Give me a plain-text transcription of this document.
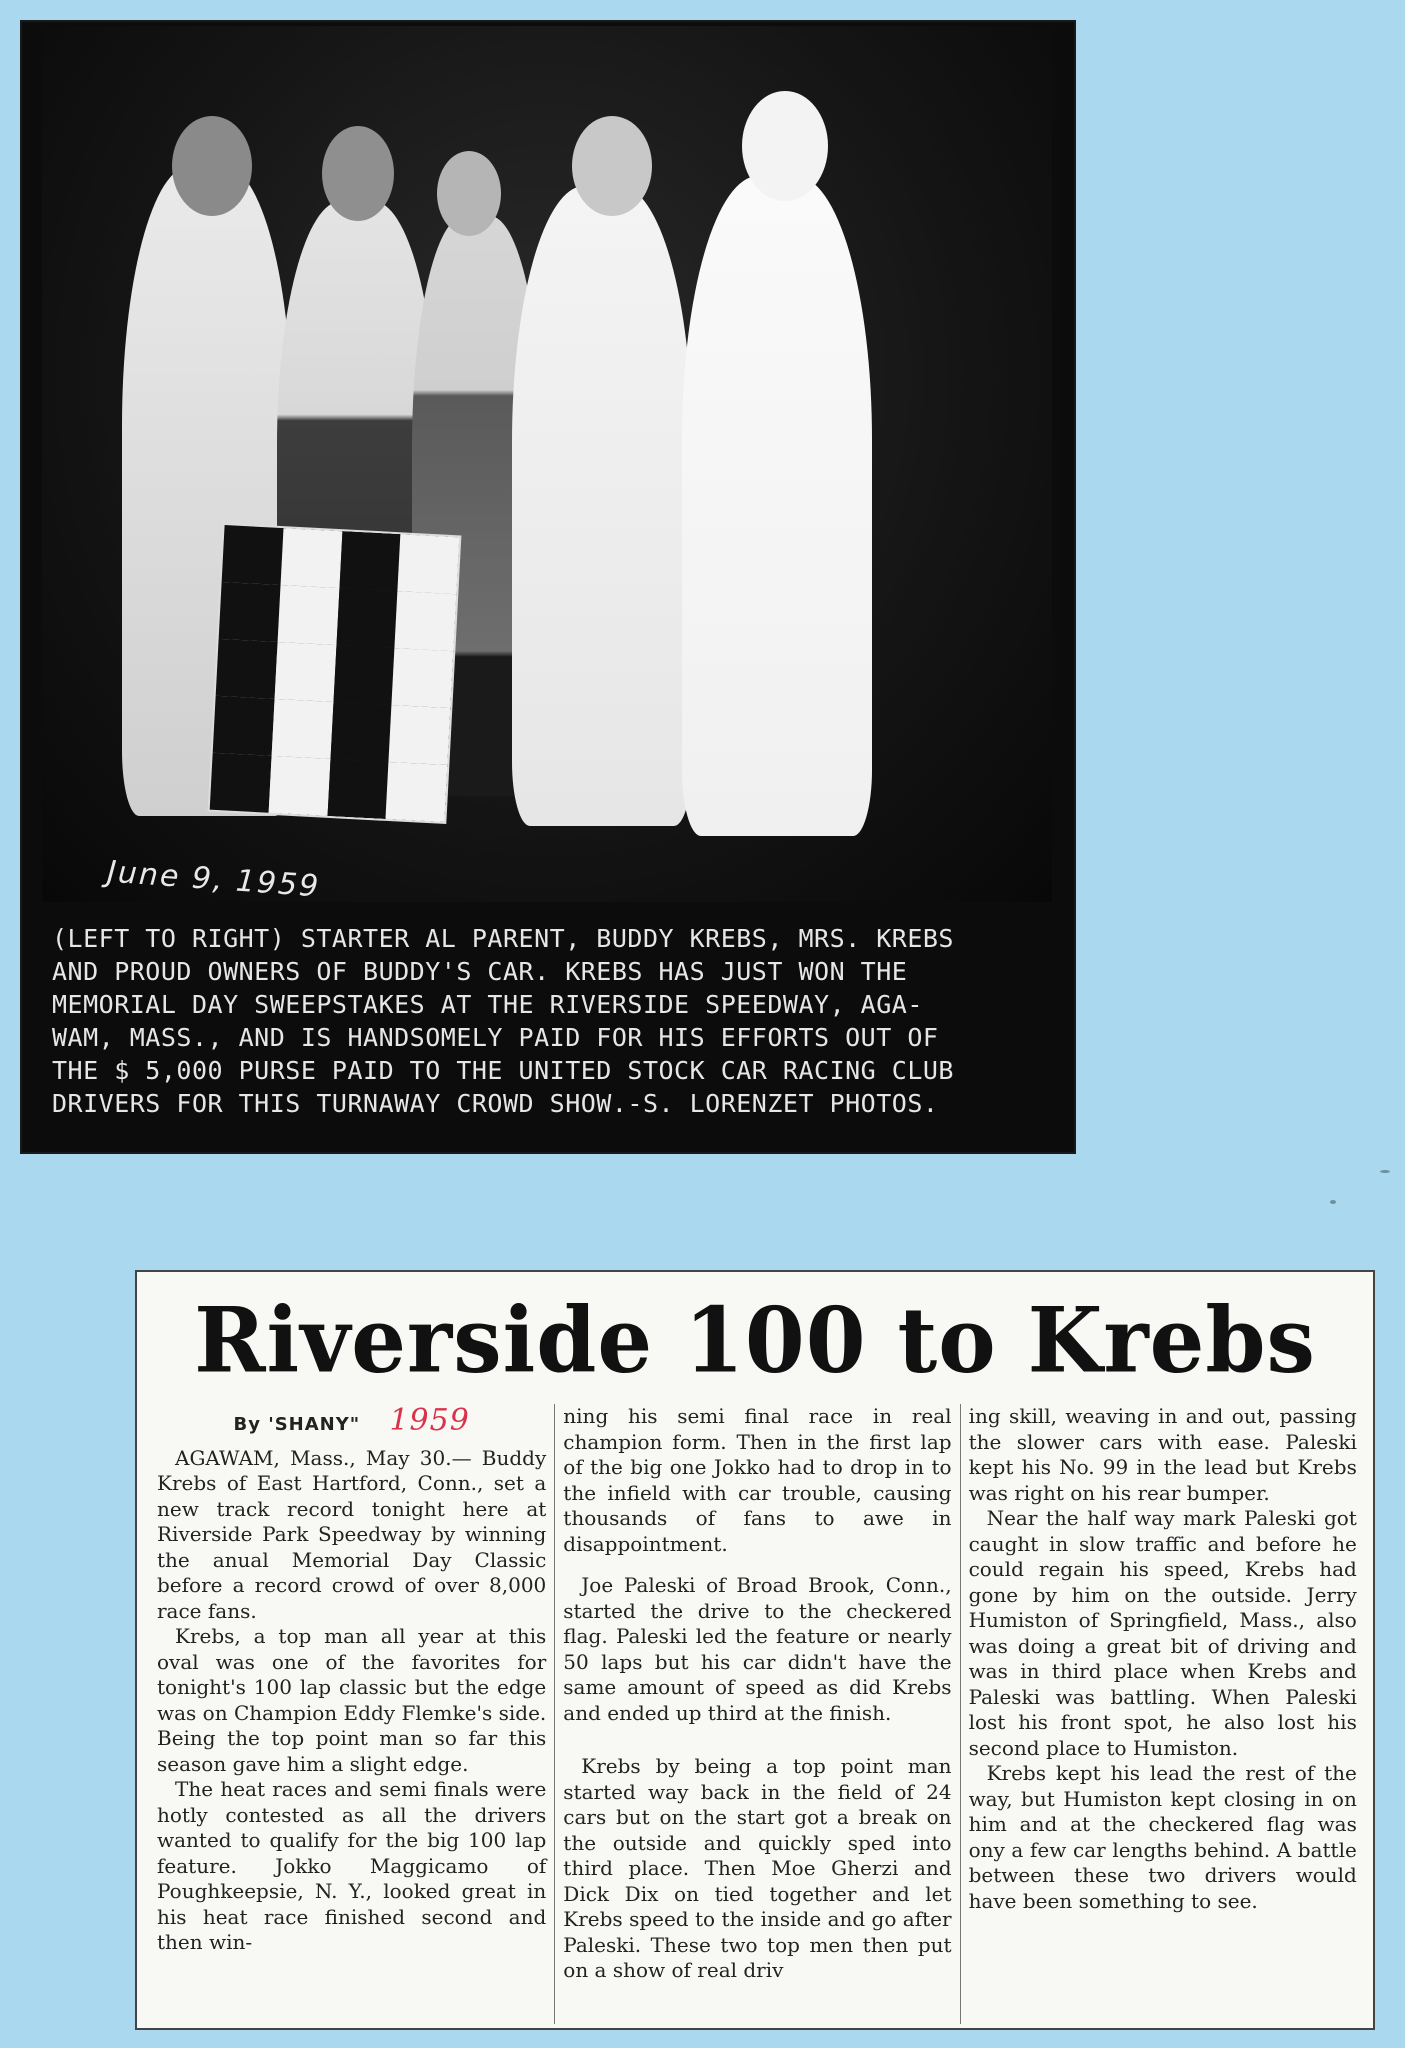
June 9, 1959
(LEFT TO RIGHT) STARTER AL PARENT, BUDDY KREBS, MRS. KREBS
AND PROUD OWNERS OF BUDDY'S CAR. KREBS HAS JUST WON THE
MEMORIAL DAY SWEEPSTAKES AT THE RIVERSIDE SPEEDWAY, AGA-
WAM, MASS., AND IS HANDSOMELY PAID FOR HIS EFFORTS OUT OF
THE $ 5,000 PURSE PAID TO THE UNITED STOCK CAR RACING CLUB
DRIVERS FOR THIS TURNAWAY CROWD SHOW.-S. LORENZET PHOTOS.
Riverside 100 to Krebs
By 'SHANY" 1959

AGAWAM, Mass., May 30.— Buddy Krebs of East Hartford, Conn., set a new track record tonight here at Riverside Park Speedway by winning the anual Memorial Day Classic before a record crowd of over 8,000 race fans.

Krebs, a top man all year at this oval was one of the favorites for tonight's 100 lap classic but the edge was on Champion Eddy Flemke's side. Being the top point man so far this season gave him a slight edge.

The heat races and semi finals were hotly contested as all the drivers wanted to qualify for the big 100 lap feature. Jokko Maggicamo of Poughkeepsie, N. Y., looked great in his heat race finished second and then win-

ning his semi final race in real champion form. Then in the first lap of the big one Jokko had to drop in to the infield with car trouble, causing thousands of fans to awe in disappointment.

Joe Paleski of Broad Brook, Conn., started the drive to the checkered flag. Paleski led the feature or nearly 50 laps but his car didn't have the same amount of speed as did Krebs and ended up third at the finish.

Krebs by being a top point man started way back in the field of 24 cars but on the start got a break on the outside and quickly sped into third place. Then Moe Gherzi and Dick Dix on tied together and let Krebs speed to the inside and go after Paleski. These two top men then put on a show of real driv

ing skill, weaving in and out, passing the slower cars with ease. Paleski kept his No. 99 in the lead but Krebs was right on his rear bumper.

Near the half way mark Paleski got caught in slow traffic and before he could regain his speed, Krebs had gone by him on the outside. Jerry Humiston of Springfield, Mass., also was doing a great bit of driving and was in third place when Krebs and Paleski was battling. When Paleski lost his front spot, he also lost his second place to Humiston.

Krebs kept his lead the rest of the way, but Humiston kept closing in on him and at the checkered flag was ony a few car lengths behind. A battle between these two drivers would have been something to see.
